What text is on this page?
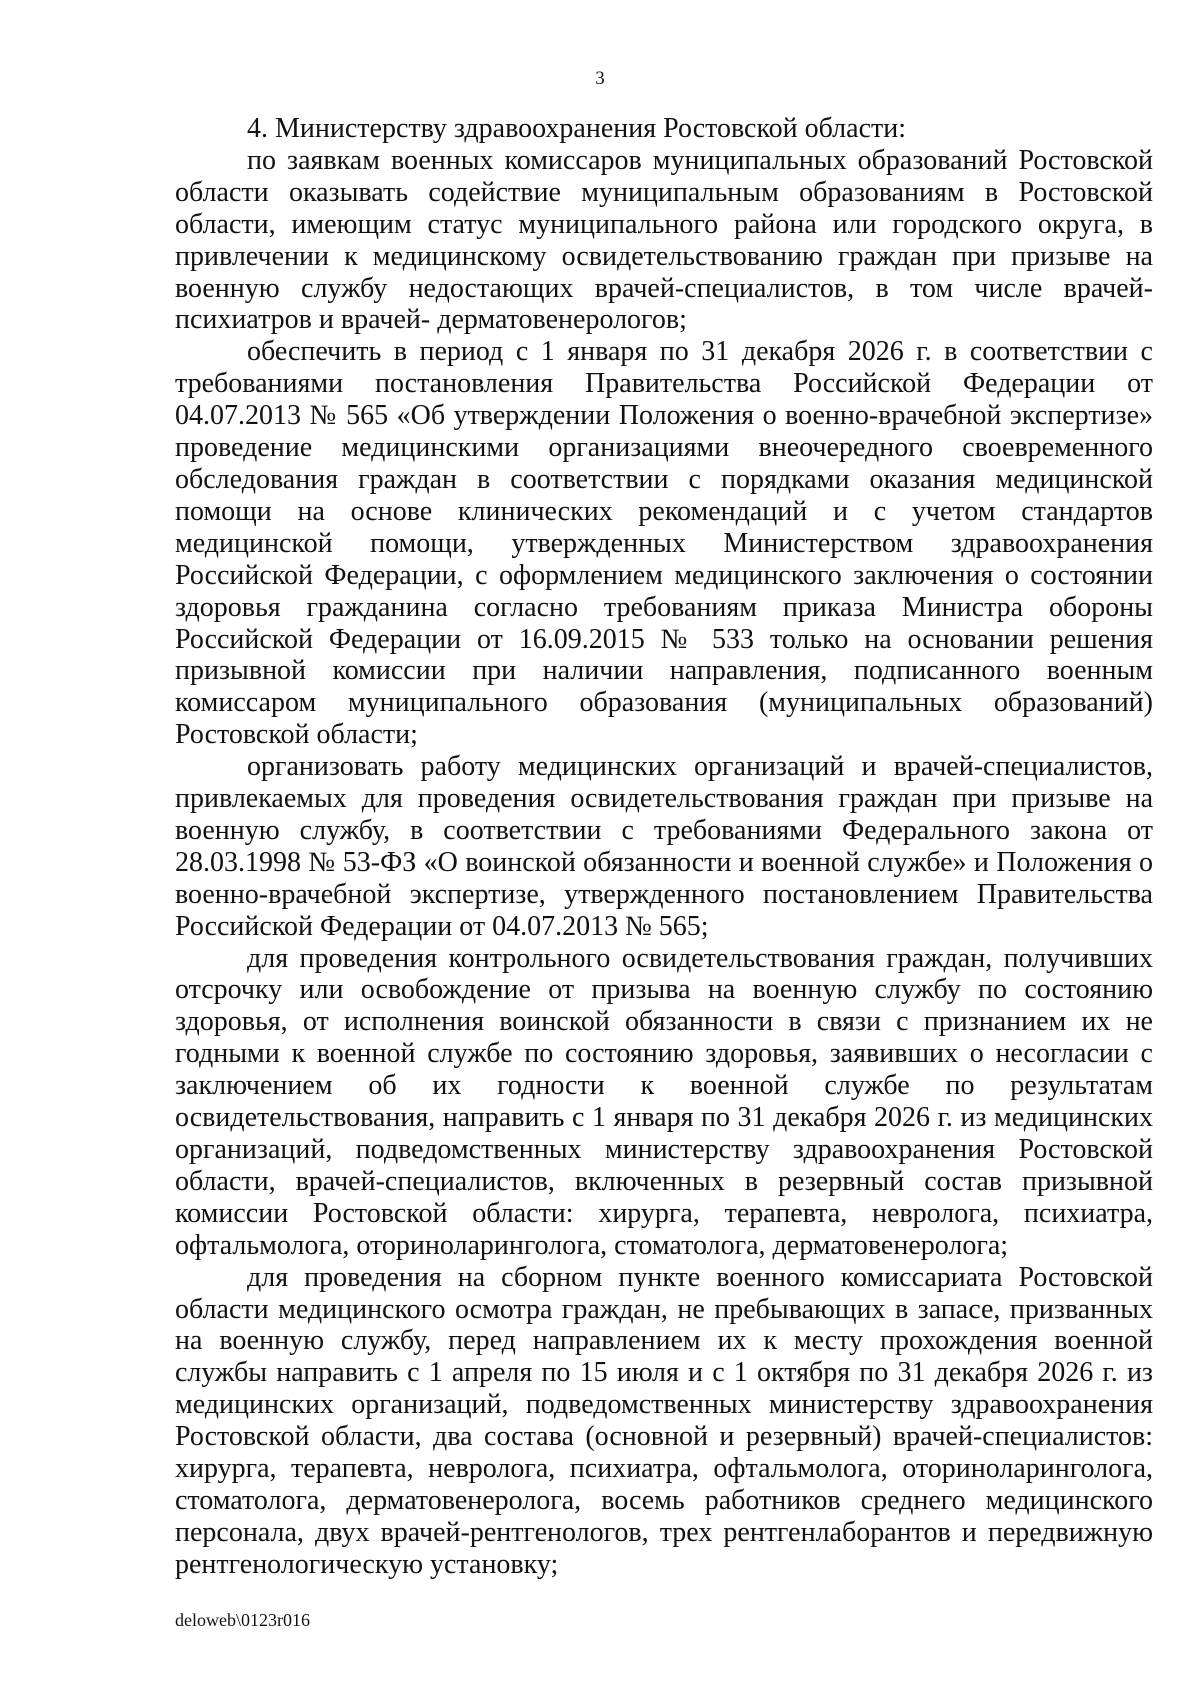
3

4. Министерству здравоохранения Ростовской области:

по заявкам военных комиссаров муниципальных образований Ростовской области оказывать содействие муниципальным образованиям в Ростовской области, имеющим статус муниципального района или городского округа, в привлечении к медицинскому освидетельствованию граждан при призыве на военную службу недостающих врачей-специалистов, в том числе врачей-психиатров и врачей- дерматовенерологов;

обеспечить в период с 1 января по 31 декабря 2026 г. в соответствии с требованиями постановления Правительства Российской Федерации от 04.07.2013 № 565 «Об утверждении Положения о военно-врачебной экспертизе» проведение медицинскими организациями внеочередного своевременного обследования граждан в соответствии с порядками оказания медицинской помощи на основе клинических рекомендаций и с учетом стандартов медицинской помощи, утвержденных Министерством здравоохранения Российской Федерации, с оформлением медицинского заключения о состоянии здоровья гражданина согласно требованиям приказа Министра обороны Российской Федерации от 16.09.2015 № 533 только на основании решения призывной комиссии при наличии направления, подписанного военным комиссаром муниципального образования (муниципальных образований) Ростовской области;

организовать работу медицинских организаций и врачей-специалистов, привлекаемых для проведения освидетельствования граждан при призыве на военную службу, в соответствии с требованиями Федерального закона от 28.03.1998 № 53-ФЗ «О воинской обязанности и военной службе» и Положения о военно-врачебной экспертизе, утвержденного постановлением Правительства Российской Федерации от 04.07.2013 № 565;

для проведения контрольного освидетельствования граждан, получивших отсрочку или освобождение от призыва на военную службу по состоянию здоровья, от исполнения воинской обязанности в связи с признанием их не годными к военной службе по состоянию здоровья, заявивших о несогласии с заключением об их годности к военной службе по результатам освидетельствования, направить с 1 января по 31 декабря 2026 г. из медицинских организаций, подведомственных министерству здравоохранения Ростовской области, врачей-специалистов, включенных в резервный состав призывной комиссии Ростовской области: хирурга, терапевта, невролога, психиатра, офтальмолога, оториноларинголога, стоматолога, дерматовенеролога;

для проведения на сборном пункте военного комиссариата Ростовской области медицинского осмотра граждан, не пребывающих в запасе, призванных на военную службу, перед направлением их к месту прохождения военной службы направить с 1 апреля по 15 июля и с 1 октября по 31 декабря 2026 г. из медицинских организаций, подведомственных министерству здравоохранения Ростовской области, два состава (основной и резервный) врачей-специалистов: хирурга, терапевта, невролога, психиатра, офтальмолога, оториноларинголога, стоматолога, дерматовенеролога, восемь работников среднего медицинского персонала, двух врачей-рентгенологов, трех рентгенлаборантов и передвижную рентгенологическую установку;

deloweb\0123r016
